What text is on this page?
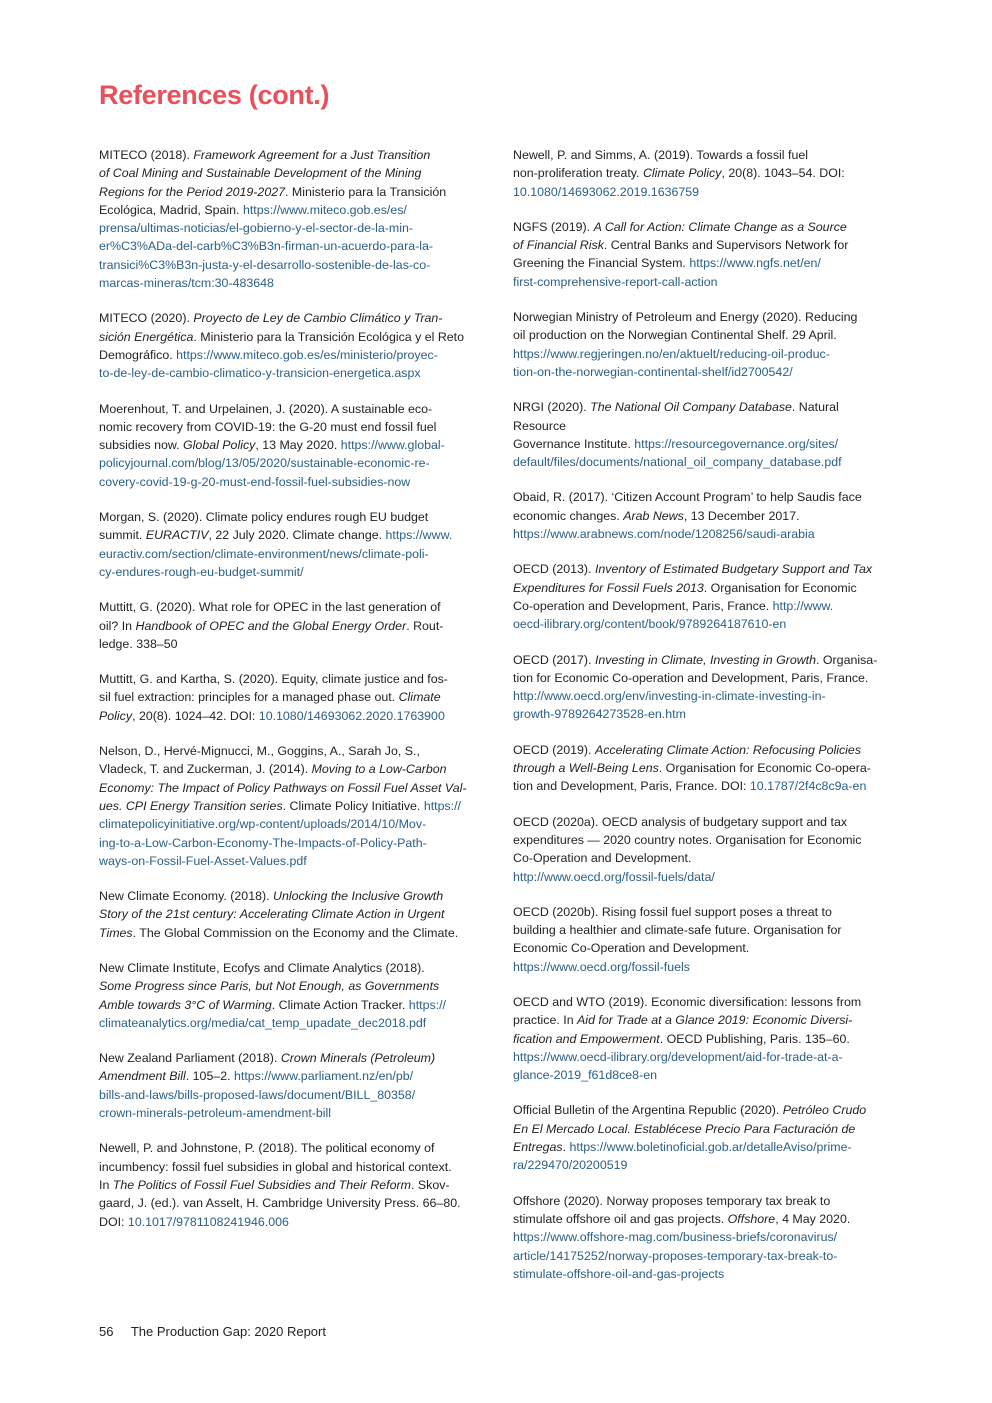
References (cont.)

MITECO (2018). Framework Agreement for a Just Transition
of Coal Mining and Sustainable Development of the Mining
Regions for the Period 2019-2027. Ministerio para la Transición
Ecológica, Madrid, Spain. https://www.miteco.gob.es/es/
prensa/ultimas-noticias/el-gobierno-y-el-sector-de-la-min-
er%C3%ADa-del-carb%C3%B3n-firman-un-acuerdo-para-la-
transici%C3%B3n-justa-y-el-desarrollo-sostenible-de-las-co-
marcas-mineras/tcm:30-483648

MITECO (2020). Proyecto de Ley de Cambio Climático y Tran-
sición Energética. Ministerio para la Transición Ecológica y el Reto
Demográfico. https://www.miteco.gob.es/es/ministerio/proyec-
to-de-ley-de-cambio-climatico-y-transicion-energetica.aspx

Moerenhout, T. and Urpelainen, J. (2020). A sustainable eco-
nomic recovery from COVID-19: the G-20 must end fossil fuel
subsidies now. Global Policy, 13 May 2020. https://www.global-
policyjournal.com/blog/13/05/2020/sustainable-economic-re-
covery-covid-19-g-20-must-end-fossil-fuel-subsidies-now

Morgan, S. (2020). Climate policy endures rough EU budget
summit. EURACTIV, 22 July 2020. Climate change. https://www.
euractiv.com/section/climate-environment/news/climate-poli-
cy-endures-rough-eu-budget-summit/

Muttitt, G. (2020). What role for OPEC in the last generation of
oil? In Handbook of OPEC and the Global Energy Order. Rout-
ledge. 338–50

Muttitt, G. and Kartha, S. (2020). Equity, climate justice and fos-
sil fuel extraction: principles for a managed phase out. Climate
Policy, 20(8). 1024–42. DOI: 10.1080/14693062.2020.1763900

Nelson, D., Hervé-Mignucci, M., Goggins, A., Sarah Jo, S.,
Vladeck, T. and Zuckerman, J. (2014). Moving to a Low-Carbon
Economy: The Impact of Policy Pathways on Fossil Fuel Asset Val-
ues. CPI Energy Transition series. Climate Policy Initiative. https://
climatepolicyinitiative.org/wp-content/uploads/2014/10/Mov-
ing-to-a-Low-Carbon-Economy-The-Impacts-of-Policy-Path-
ways-on-Fossil-Fuel-Asset-Values.pdf

New Climate Economy. (2018). Unlocking the Inclusive Growth
Story of the 21st century: Accelerating Climate Action in Urgent
Times. The Global Commission on the Economy and the Climate.

New Climate Institute, Ecofys and Climate Analytics (2018).
Some Progress since Paris, but Not Enough, as Governments
Amble towards 3°C of Warming. Climate Action Tracker. https://
climateanalytics.org/media/cat_temp_upadate_dec2018.pdf

New Zealand Parliament (2018). Crown Minerals (Petroleum)
Amendment Bill. 105–2. https://www.parliament.nz/en/pb/
bills-and-laws/bills-proposed-laws/document/BILL_80358/
crown-minerals-petroleum-amendment-bill

Newell, P. and Johnstone, P. (2018). The political economy of
incumbency: fossil fuel subsidies in global and historical context.
In The Politics of Fossil Fuel Subsidies and Their Reform. Skov-
gaard, J. (ed.). van Asselt, H. Cambridge University Press. 66–80.
DOI: 10.1017/9781108241946.006

Newell, P. and Simms, A. (2019). Towards a fossil fuel
non-proliferation treaty. Climate Policy, 20(8). 1043–54. DOI:
10.1080/14693062.2019.1636759

NGFS (2019). A Call for Action: Climate Change as a Source
of Financial Risk. Central Banks and Supervisors Network for
Greening the Financial System. https://www.ngfs.net/en/
first-comprehensive-report-call-action

Norwegian Ministry of Petroleum and Energy (2020). Reducing
oil production on the Norwegian Continental Shelf. 29 April.
https://www.regjeringen.no/en/aktuelt/reducing-oil-produc-
tion-on-the-norwegian-continental-shelf/id2700542/

NRGI (2020). The National Oil Company Database. Natural Resource
Governance Institute. https://resourcegovernance.org/sites/
default/files/documents/national_oil_company_database.pdf

Obaid, R. (2017). ‘Citizen Account Program’ to help Saudis face
economic changes. Arab News, 13 December 2017.
https://www.arabnews.com/node/1208256/saudi-arabia

OECD (2013). Inventory of Estimated Budgetary Support and Tax
Expenditures for Fossil Fuels 2013. Organisation for Economic
Co-operation and Development, Paris, France. http://www.
oecd-ilibrary.org/content/book/9789264187610-en

OECD (2017). Investing in Climate, Investing in Growth. Organisa-
tion for Economic Co-operation and Development, Paris, France.
http://www.oecd.org/env/investing-in-climate-investing-in-
growth-9789264273528-en.htm

OECD (2019). Accelerating Climate Action: Refocusing Policies
through a Well-Being Lens. Organisation for Economic Co-opera-
tion and Development, Paris, France. DOI: 10.1787/2f4c8c9a-en

OECD (2020a). OECD analysis of budgetary support and tax
expenditures — 2020 country notes. Organisation for Economic
Co-Operation and Development.
http://www.oecd.org/fossil-fuels/data/

OECD (2020b). Rising fossil fuel support poses a threat to
building a healthier and climate-safe future. Organisation for
Economic Co-Operation and Development.
https://www.oecd.org/fossil-fuels

OECD and WTO (2019). Economic diversification: lessons from
practice. In Aid for Trade at a Glance 2019: Economic Diversi-
fication and Empowerment. OECD Publishing, Paris. 135–60.
https://www.oecd-ilibrary.org/development/aid-for-trade-at-a-
glance-2019_f61d8ce8-en

Official Bulletin of the Argentina Republic (2020). Petróleo Crudo
En El Mercado Local. Establécese Precio Para Facturación de
Entregas. https://www.boletinoficial.gob.ar/detalleAviso/prime-
ra/229470/20200519

Offshore (2020). Norway proposes temporary tax break to
stimulate offshore oil and gas projects. Offshore, 4 May 2020.
https://www.offshore-mag.com/business-briefs/coronavirus/
article/14175252/norway-proposes-temporary-tax-break-to-
stimulate-offshore-oil-and-gas-projects

56 The Production Gap: 2020 Report
